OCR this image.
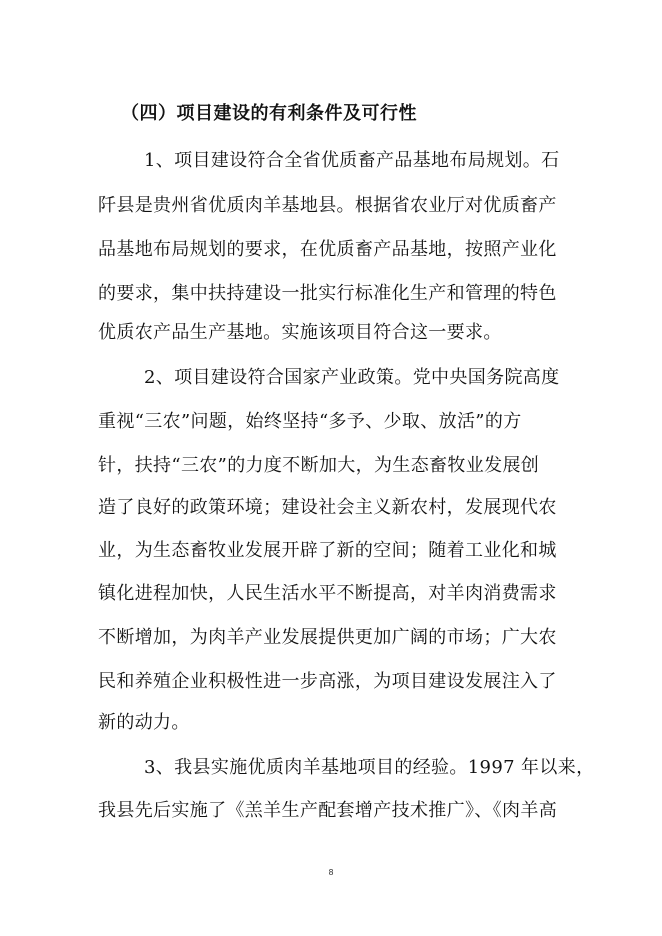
（四）项目建设的有利条件及可行性
1、项目建设符合全省优质畜产品基地布局规划。石
阡县是贵州省优质肉羊基地县。根据省农业厅对优质畜产
品基地布局规划的要求，在优质畜产品基地，按照产业化
的要求，集中扶持建设一批实行标准化生产和管理的特色
优质农产品生产基地。实施该项目符合这一要求。
2、项目建设符合国家产业政策。党中央国务院高度
重视“三农”问题，始终坚持“多予、少取、放活”的方
针，扶持“三农”的力度不断加大，为生态畜牧业发展创
造了良好的政策环境；建设社会主义新农村，发展现代农
业，为生态畜牧业发展开辟了新的空间；随着工业化和城
镇化进程加快，人民生活水平不断提高，对羊肉消费需求
不断增加，为肉羊产业发展提供更加广阔的市场；广大农
民和养殖企业积极性进一步高涨，为项目建设发展注入了
新的动力。
3、我县实施优质肉羊基地项目的经验。1997 年以来，
我县先后实施了《羔羊生产配套增产技术推广》、《肉羊高
8
